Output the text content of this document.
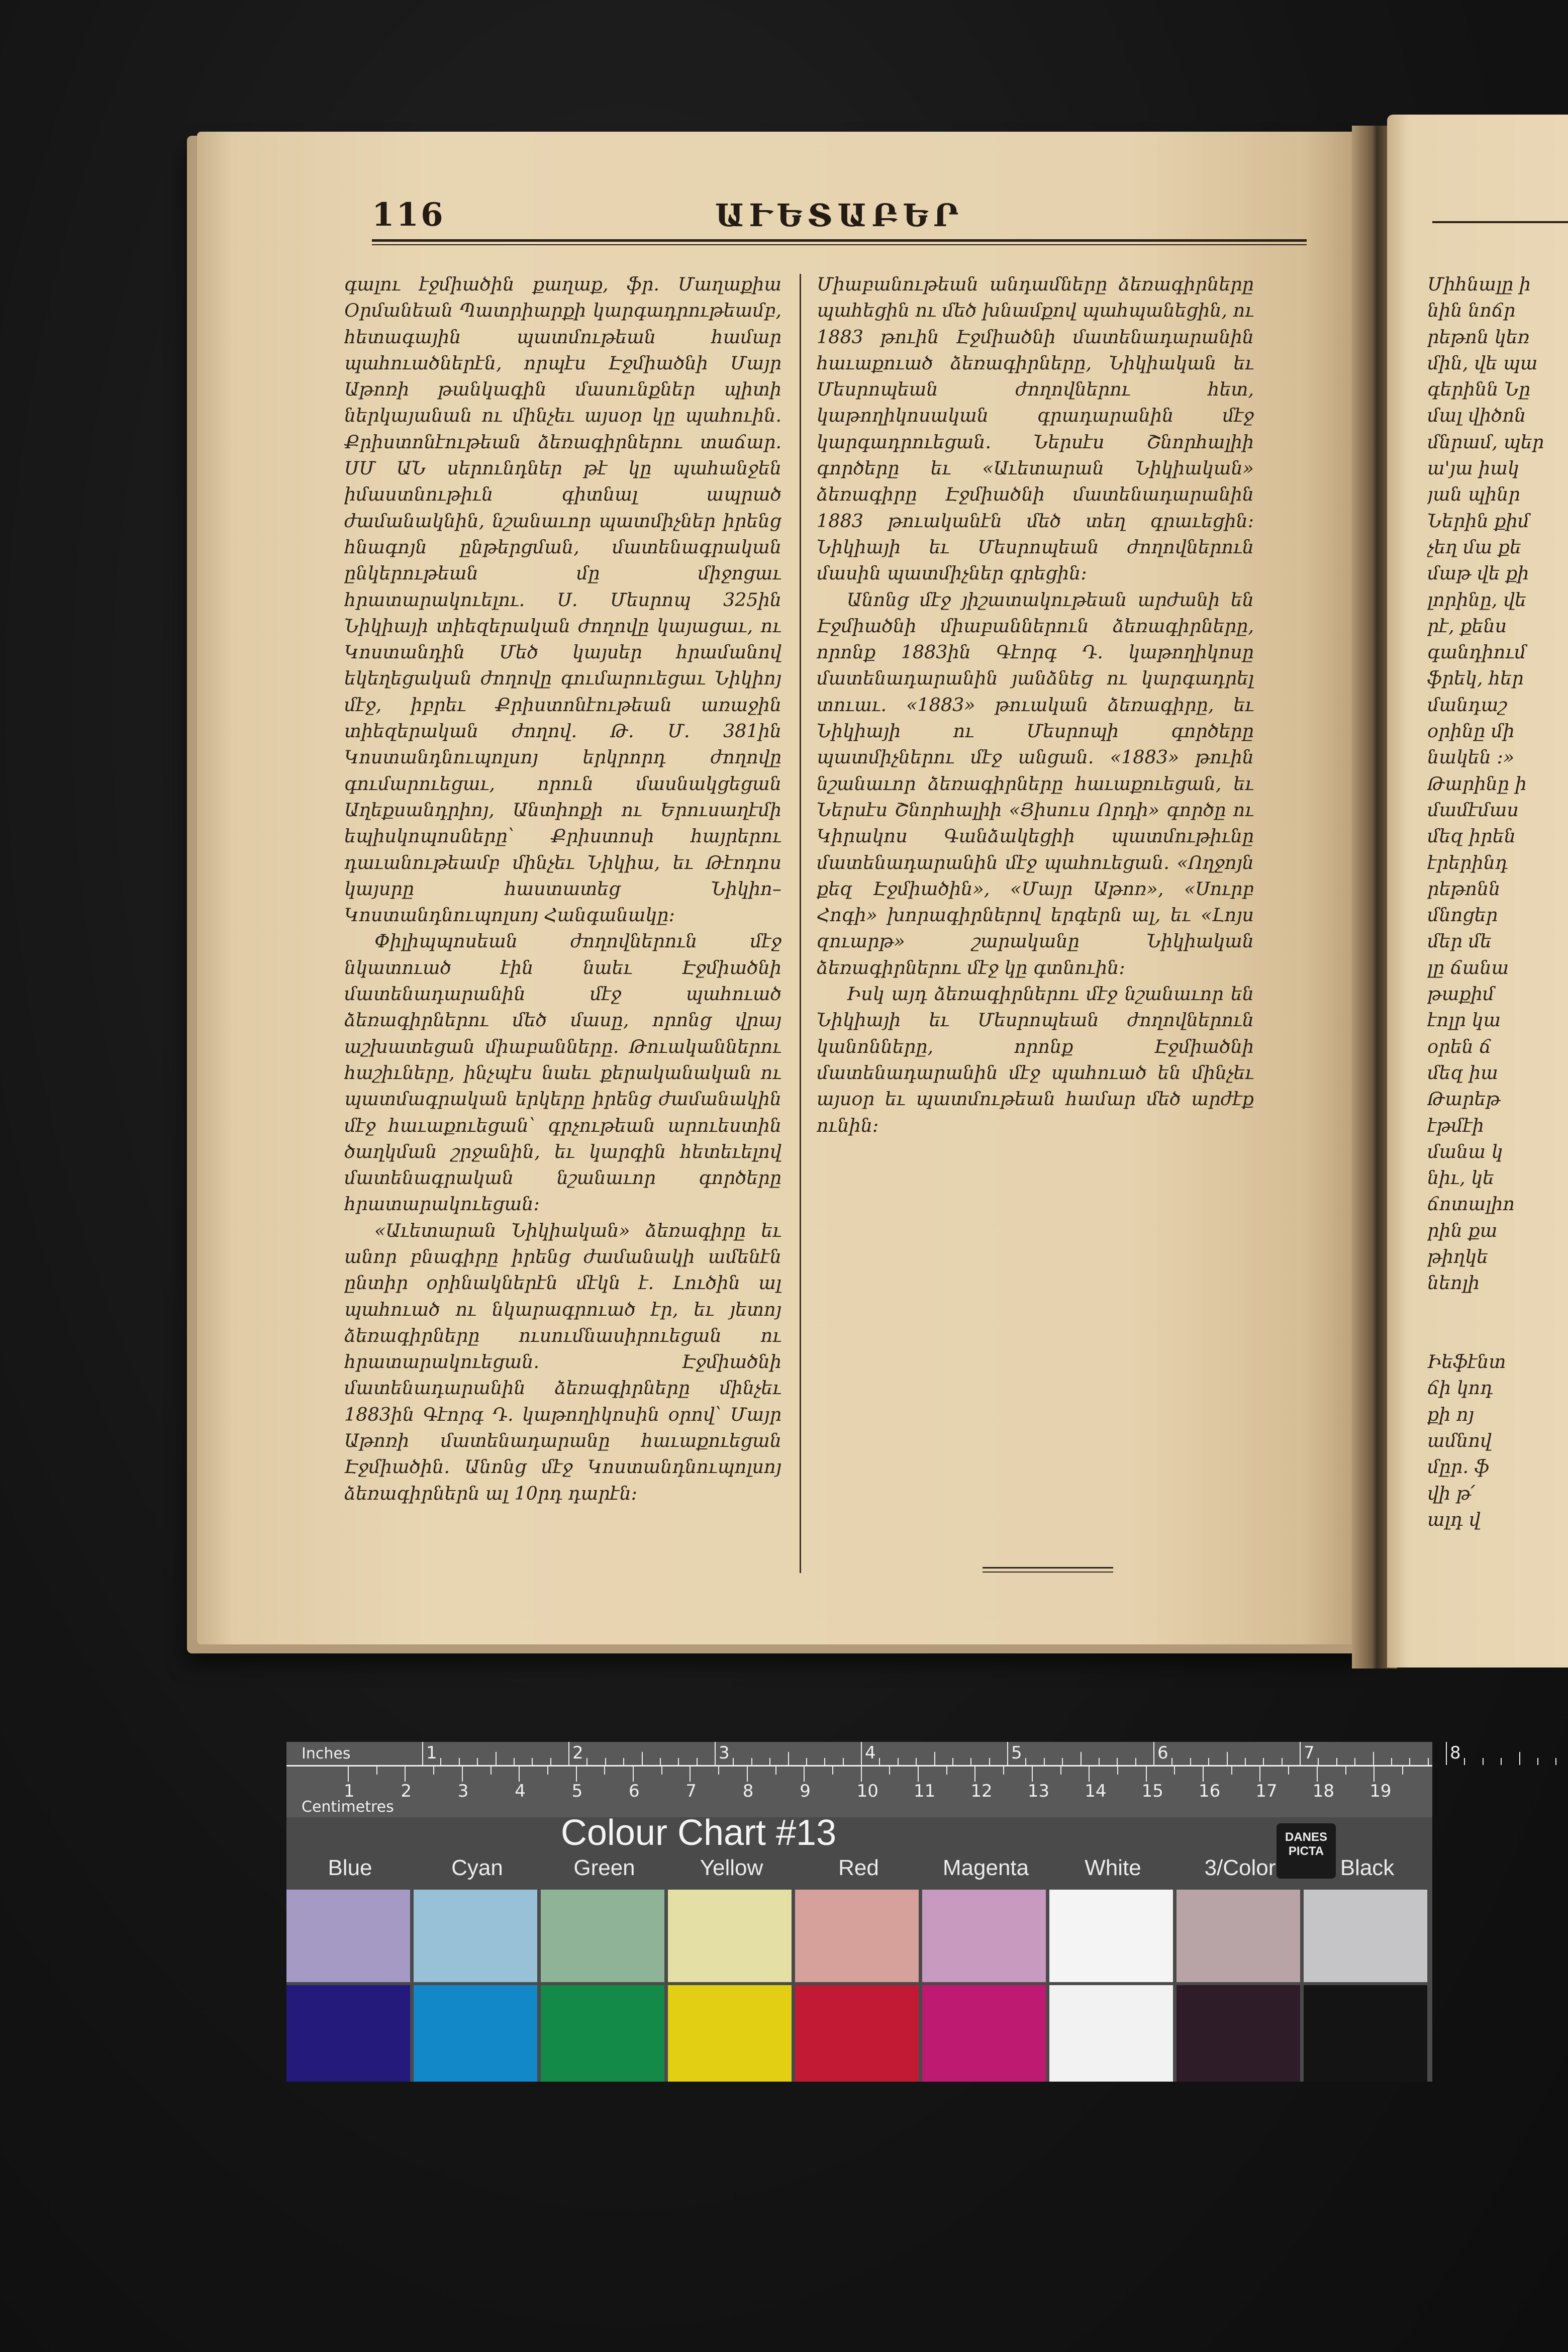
116	ԱՒԵՏԱԲԵՐ

գալու էջմիածին քաղաք, ֆր. Մաղաքիա Օրմանեան Պատրիարքի կարգադրութեամբ, հետագային պատմութեան համար պահուածներէն, որպէս Էջմիածնի Մայր Աթոռի թանկագին մասունքներ պիտի ներկայանան ու մինչեւ այսօր կը պահուին. Քրիստոնէութեան ձեռագիրներու տաճար. ՍՄ ԱՆ սերունդներ թէ կը պահանջեն իմաստնութիւն գիտնալ ապրած ժամանակնին, նշանաւոր պատմիչներ իրենց հնագոյն ընթերցման, մատենագրական ընկերութեան մը միջոցաւ հրատարակուելու. Ս. Մեսրոպ 325ին Նիկիայի տիեզերական ժողովը կայացաւ, ու Կոստանդին Մեծ կայսեր հրամանով եկեղեցական ժողովը գումարուեցաւ Նիկիոյ մէջ, իբրեւ Քրիստոնէութեան առաջին տիեզերական ժողով. Թ. Մ. 381ին Կոստանդնուպոլսոյ երկրորդ ժողովը գումարուեցաւ, որուն մասնակցեցան Աղեքսանդրիոյ, Անտիոքի ու Երուսաղէմի եպիսկոպոսները՝ Քրիստոսի հայրերու դաւանութեամբ մինչեւ Նիկիա, եւ Թէոդոս կայսրը հաստատեց Նիկիո–Կոստանդնուպոլսոյ Հանգանակը:

Փիլիպպոսեան ժողովներուն մէջ նկատուած էին նաեւ Էջմիածնի մատենադարանին մէջ պահուած ձեռագիրներու մեծ մասը, որոնց վրայ աշխատեցան միաբանները. Թուականներու հաշիւները, ինչպէս նաեւ քերականական ու պատմագրական երկերը իրենց ժամանակին մէջ հաւաքուեցան՝ գրչութեան արուեստին ծաղկման շրջանին, եւ կարգին հետեւելով մատենագրական նշանաւոր գործերը հրատարակուեցան:

«Աւետարան Նիկիական» ձեռագիրը եւ անոր բնագիրը իրենց ժամանակի ամենէն ընտիր օրինակներէն մէկն է. Լուծին ալ պահուած ու նկարագրուած էր, եւ յետոյ ձեռագիրները ուսումնասիրուեցան ու հրատարակուեցան. Էջմիածնի մատենադարանին ձեռագիրները մինչեւ 1883ին Գէորգ Դ. կաթողիկոսին օրով՝ Մայր Աթոռի մատենադարանը հաւաքուեցան Էջմիածին. Անոնց մէջ Կոստանդնուպոլսոյ ձեռագիրներն ալ 10րդ դարէն:

Միաբանութեան անդամները ձեռագիրները պահեցին ու մեծ խնամքով պահպանեցին, ու 1883 թուին Էջմիածնի մատենադարանին հաւաքուած ձեռագիրները, Նիկիական եւ Մեսրոպեան ժողովներու հետ, կաթողիկոսական գրադարանին մէջ կարգադրուեցան. Ներսէս Շնորհալիի գործերը եւ «Աւետարան Նիկիական» ձեռագիրը Էջմիածնի մատենադարանին 1883 թուականէն մեծ տեղ գրաւեցին: Նիկիայի եւ Մեսրոպեան ժողովներուն մասին պատմիչներ գրեցին:

Անոնց մէջ յիշատակութեան արժանի են Էջմիածնի միաբաններուն ձեռագիրները, որոնք 1883ին Գէորգ Դ. կաթողիկոսը մատենադարանին յանձնեց ու կարգադրել տուաւ. «1883» թուական ձեռագիրը, եւ Նիկիայի ու Մեսրոպի գործերը պատմիչներու մէջ անցան. «1883» թուին նշանաւոր ձեռագիրները հաւաքուեցան, եւ Ներսէս Շնորհալիի «Յիսուս Որդի» գործը ու Կիրակոս Գանձակեցիի պատմութիւնը մատենադարանին մէջ պահուեցան. «Ողջոյն քեզ Էջմիածին», «Մայր Աթոռ», «Սուրբ Հոգի» խորագիրներով երգերն ալ, եւ «Լոյս զուարթ» շարականը Նիկիական ձեռագիրներու մէջ կը գտնուին:

Իսկ այդ ձեռագիրներու մէջ նշանաւոր են Նիկիայի եւ Մեսրոպեան ժողովներուն կանոնները, որոնք Էջմիածնի մատենադարանին մէջ պահուած են մինչեւ այսօր եւ պատմութեան համար մեծ արժէք ունին:

Միհնալը ի
նին նոճր
րեթոն կեռ
մին, վե պա
գերինն Նը
մալ վիծոն
մնրամ, պեր
ա'յա իակ
յան պինր
Ներին քիմ
չեղ մա քե
մաթ վե քի
լորինը, վե
րէ, քենս
գանդիում
ֆրեկ, հեր
մանդաշ
օրինը մի
նակեն ։»
Թարինը ի
մամէմաս
մեզ իրեն
էրերինդ
րեթոնն
մնոցեր
մեր մե
լը ճանա
թաքիմ
էոլր կա
օրեն ճ
մեզ իա
Թարեթ
էթմէի
մանա կ
նիւ, կե
ճոտալիո
րին քա
թիղկե
նեոլի

Իեֆէնտ
ճի կոդ
քի ոյ
ամնով
մըր․ ֆ
վի թ՛
ալդ վ
Inches
Centimetres
1	2	3	4	5	6	7	8
1	2	3	4	5	6	7	8	9	10 11 12 13 14 15 16 17 18 19
Colour Chart #13	DANES
PICTA
Blue	Cyan	Green	Yellow	Red	Magenta	White	3/Color	Black
